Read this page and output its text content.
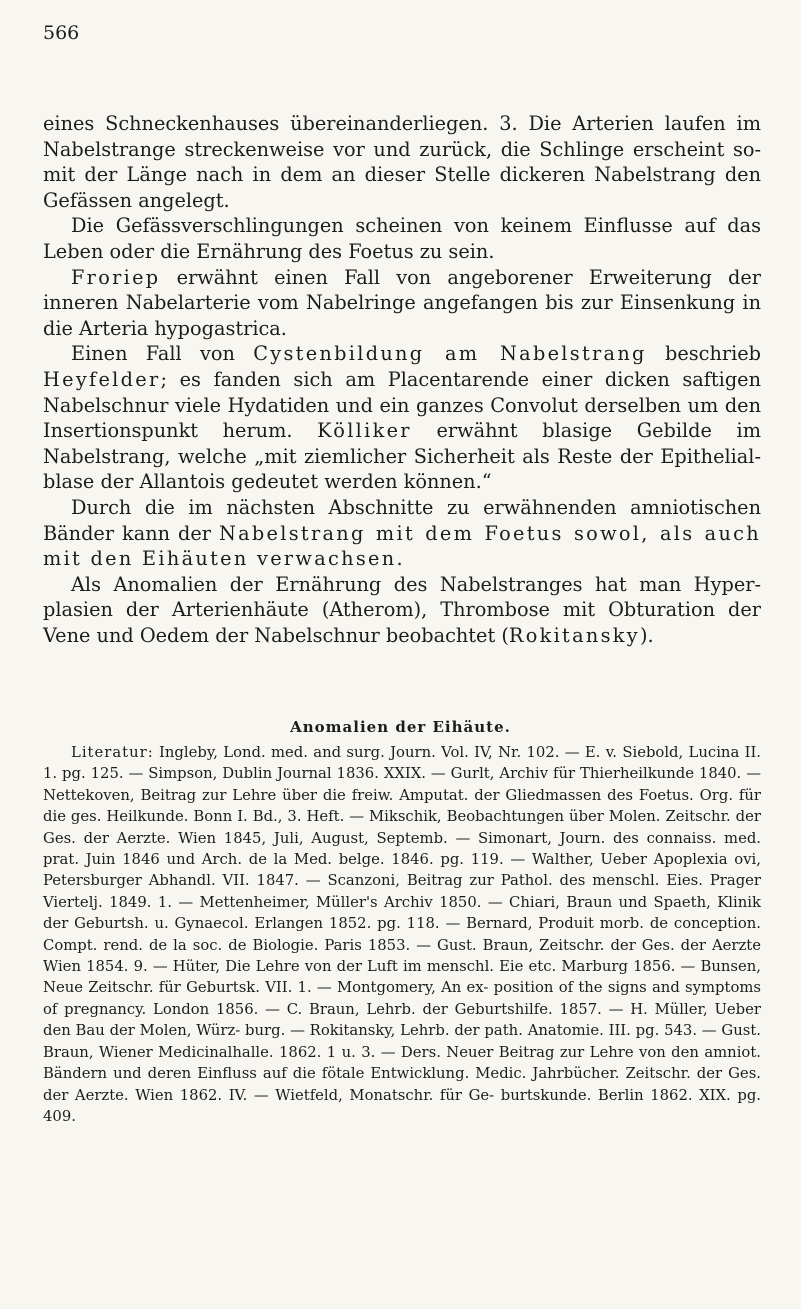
566

eines Schneckenhauses übereinanderliegen. 3. Die Arterien laufen im Nabelstrange streckenweise vor und zurück, die Schlinge erscheint so- mit der Länge nach in dem an dieser Stelle dickeren Nabelstrang den Gefässen angelegt.

Die Gefässverschlingungen scheinen von keinem Einflusse auf das Leben oder die Ernährung des Foetus zu sein.

Froriep erwähnt einen Fall von angeborener Erweiterung der inneren Nabelarterie vom Nabelringe angefangen bis zur Einsenkung in die Arteria hypogastrica.

Einen Fall von Cystenbildung am Nabelstrang beschrieb Heyfelder; es fanden sich am Placentarende einer dicken saftigen Nabelschnur viele Hydatiden und ein ganzes Convolut derselben um den Insertionspunkt herum. Kölliker erwähnt blasige Gebilde im Nabelstrang, welche „mit ziemlicher Sicherheit als Reste der Epithelial- blase der Allantois gedeutet werden können.“

Durch die im nächsten Abschnitte zu erwähnenden amniotischen Bänder kann der Nabelstrang mit dem Foetus sowol, als auch mit den Eihäuten verwachsen.

Als Anomalien der Ernährung des Nabelstranges hat man Hyper- plasien der Arterienhäute (Atherom), Thrombose mit Obturation der Vene und Oedem der Nabelschnur beobachtet (Rokitansky).

Anomalien der Eihäute.

Literatur: Ingleby, Lond. med. and surg. Journ. Vol. IV, Nr. 102. — E. v. Siebold, Lucina II. 1. pg. 125. — Simpson, Dublin Journal 1836. XXIX. — Gurlt, Archiv für Thierheilkunde 1840. — Nettekoven, Beitrag zur Lehre über die freiw. Amputat. der Gliedmassen des Foetus. Org. für die ges. Heilkunde. Bonn I. Bd., 3. Heft. — Mikschik, Beobachtungen über Molen. Zeitschr. der Ges. der Aerzte. Wien 1845, Juli, August, Septemb. — Simonart, Journ. des connaiss. med. prat. Juin 1846 und Arch. de la Med. belge. 1846. pg. 119. — Walther, Ueber Apoplexia ovi, Petersburger Abhandl. VII. 1847. — Scanzoni, Beitrag zur Pathol. des menschl. Eies. Prager Viertelj. 1849. 1. — Mettenheimer, Müller's Archiv 1850. — Chiari, Braun und Spaeth, Klinik der Geburtsh. u. Gynaecol. Erlangen 1852. pg. 118. — Bernard, Produit morb. de conception. Compt. rend. de la soc. de Biologie. Paris 1853. — Gust. Braun, Zeitschr. der Ges. der Aerzte Wien 1854. 9. — Hüter, Die Lehre von der Luft im menschl. Eie etc. Marburg 1856. — Bunsen, Neue Zeitschr. für Geburtsk. VII. 1. — Montgomery, An ex- position of the signs and symptoms of pregnancy. London 1856. — C. Braun, Lehrb. der Geburtshilfe. 1857. — H. Müller, Ueber den Bau der Molen, Würz- burg. — Rokitansky, Lehrb. der path. Anatomie. III. pg. 543. — Gust. Braun, Wiener Medicinalhalle. 1862. 1 u. 3. — Ders. Neuer Beitrag zur Lehre von den amniot. Bändern und deren Einfluss auf die fötale Entwicklung. Medic. Jahrbücher. Zeitschr. der Ges. der Aerzte. Wien 1862. IV. — Wietfeld, Monatschr. für Ge- burtskunde. Berlin 1862. XIX. pg. 409.
